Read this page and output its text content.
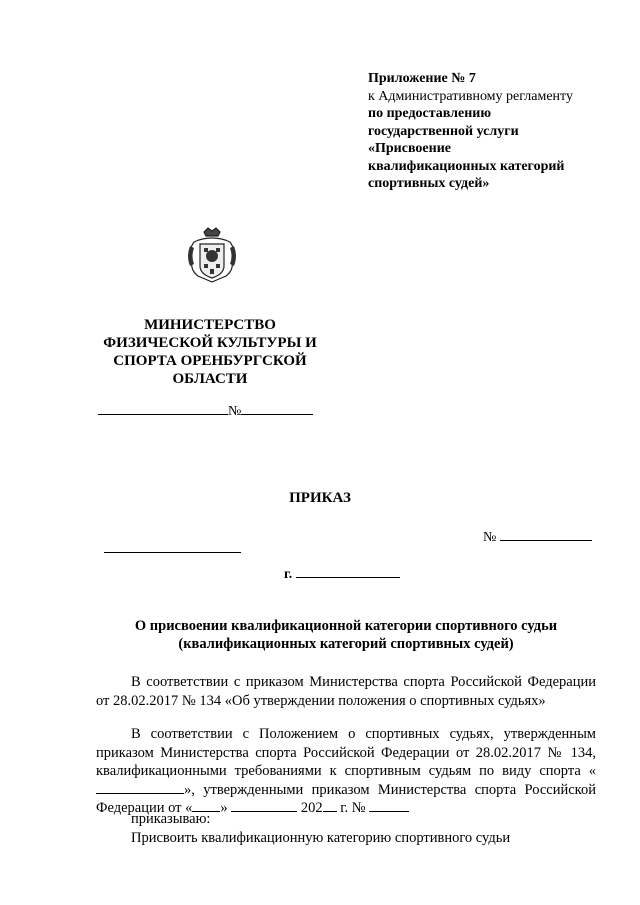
Приложение № 7
к Административному регламенту
по предоставлению
государственной услуги
«Присвоение
квалификационных категорий
спортивных судей»
МИНИСТЕРСТВО
ФИЗИЧЕСКОЙ КУЛЬТУРЫ И
СПОРТА ОРЕНБУРГСКОЙ
ОБЛАСТИ
№
ПРИКАЗ
№
г.
О присвоении квалификационной категории спортивного судьи
(квалификационных категорий спортивных судей)
В соответствии с приказом Министерства спорта Российской Федерации от 28.02.2017 № 134 «Об утверждении положения о спортивных судьях»
В соответствии с Положением о спортивных судьях, утвержденным приказом Министерства спорта Российской Федерации от 28.02.2017 № 134, квалификационными требованиями к спортивным судьям по виду спорта «», утвержденными приказом Министерства спорта Российской Федерации от « »	202 г. №
приказываю:
Присвоить квалификационную категорию спортивного судьи
